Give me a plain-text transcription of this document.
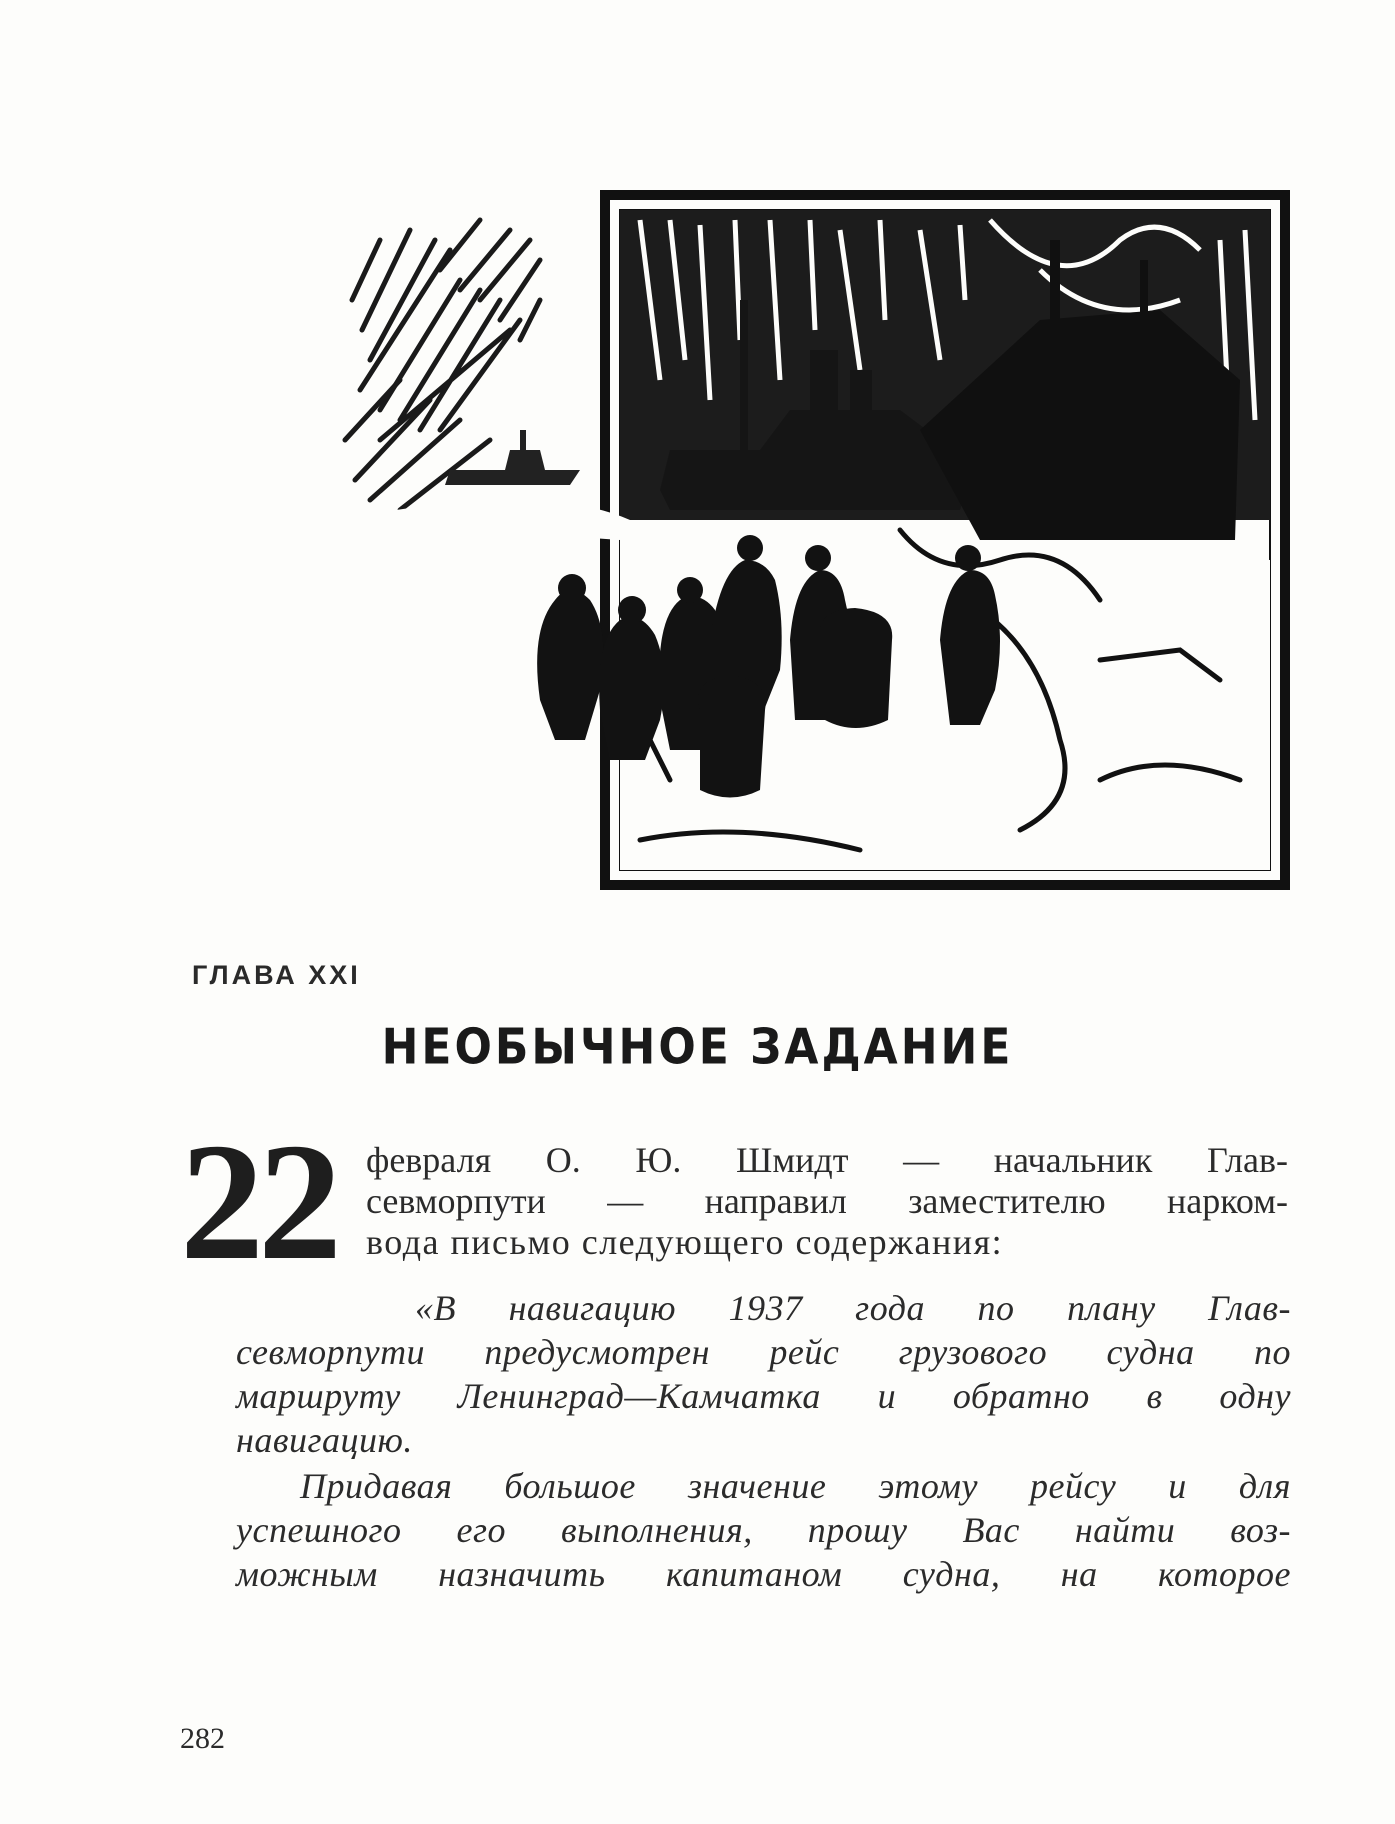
ГЛАВА XXI
НЕОБЫЧНОЕ ЗАДАНИЕ
22 февраля О. Ю. Шмидт — начальник Глав-
севморпути — направил заместителю нарком-
вода письмо следующего содержания:
«В навигацию 1937 года по плану Глав-
севморпути предусмотрен рейс грузового судна по
маршруту Ленинград—Камчатка и обратно в одну
навигацию.
Придавая большое значение этому рейсу и для
успешного его выполнения, прошу Вас найти воз-
можным назначить капитаном судна, на которое
282
